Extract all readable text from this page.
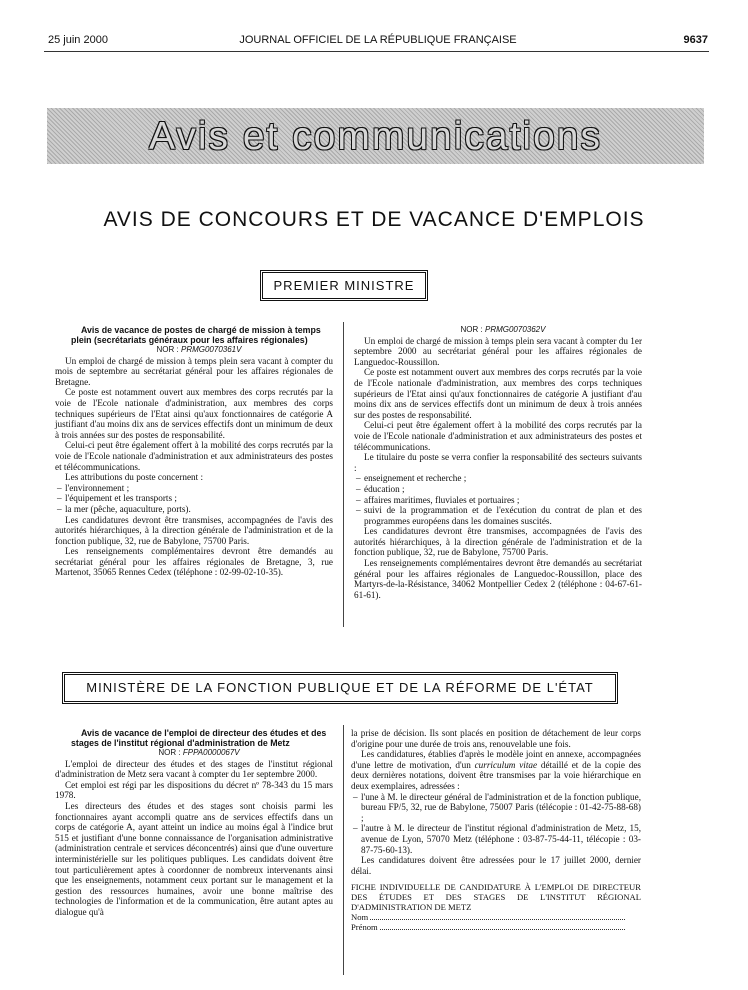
25 juin 2000	JOURNAL OFFICIEL DE LA RÉPUBLIQUE FRANÇAISE	9637
Avis et communications
AVIS DE CONCOURS ET DE VACANCE D'EMPLOIS
PREMIER MINISTRE

Avis de vacance de postes de chargé de mission à temps plein (secrétariats généraux pour les affaires régionales)

NOR : PRMG0070361V

Un emploi de chargé de mission à temps plein sera vacant à compter du mois de septembre au secrétariat général pour les affaires régionales de Bretagne.

Ce poste est notamment ouvert aux membres des corps recrutés par la voie de l'Ecole nationale d'administration, aux membres des corps techniques supérieurs de l'Etat ainsi qu'aux fonctionnaires de catégorie A justifiant d'au moins dix ans de services effectifs dont un minimum de deux à trois années sur des postes de responsabilité.

Celui-ci peut être également offert à la mobilité des corps recrutés par la voie de l'Ecole nationale d'administration et aux administrateurs des postes et télécommunications.

Les attributions du poste concernent :

– l'environnement ;

– l'équipement et les transports ;

– la mer (pêche, aquaculture, ports).

Les candidatures devront être transmises, accompagnées de l'avis des autorités hiérarchiques, à la direction générale de l'administration et de la fonction publique, 32, rue de Babylone, 75700 Paris.

Les renseignements complémentaires devront être demandés au secrétariat général pour les affaires régionales de Bretagne, 3, rue Martenot, 35065 Rennes Cedex (téléphone : 02-99-02-10-35).

NOR : PRMG0070362V

Un emploi de chargé de mission à temps plein sera vacant à compter du 1er septembre 2000 au secrétariat général pour les affaires régionales de Languedoc-Roussillon.

Ce poste est notamment ouvert aux membres des corps recrutés par la voie de l'Ecole nationale d'administration, aux membres des corps techniques supérieurs de l'Etat ainsi qu'aux fonctionnaires de catégorie A justifiant d'au moins dix ans de services effectifs dont un minimum de deux à trois années sur des postes de responsabilité.

Celui-ci peut être également offert à la mobilité des corps recrutés par la voie de l'Ecole nationale d'administration et aux administrateurs des postes et télécommunications.

Le titulaire du poste se verra confier la responsabilité des secteurs suivants :

– enseignement et recherche ;

– éducation ;

– affaires maritimes, fluviales et portuaires ;

– suivi de la programmation et de l'exécution du contrat de plan et des programmes européens dans les domaines suscités.

Les candidatures devront être transmises, accompagnées de l'avis des autorités hiérarchiques, à la direction générale de l'administration et de la fonction publique, 32, rue de Babylone, 75700 Paris.

Les renseignements complémentaires devront être demandés au secrétariat général pour les affaires régionales de Languedoc-Roussillon, place des Martyrs-de-la-Résistance, 34062 Montpellier Cedex 2 (téléphone : 04-67-61-61-61).

MINISTÈRE DE LA FONCTION PUBLIQUE ET DE LA RÉFORME DE L'ÉTAT

Avis de vacance de l'emploi de directeur des études et des stages de l'institut régional d'administration de Metz

NOR : FPPA0000067V

L'emploi de directeur des études et des stages de l'institut régional d'administration de Metz sera vacant à compter du 1er septembre 2000.

Cet emploi est régi par les dispositions du décret nº 78-343 du 15 mars 1978.

Les directeurs des études et des stages sont choisis parmi les fonctionnaires ayant accompli quatre ans de services effectifs dans un corps de catégorie A, ayant atteint un indice au moins égal à l'indice brut 515 et justifiant d'une bonne connaissance de l'organisation administrative (administration centrale et services déconcentrés) ainsi que d'une ouverture interministérielle sur les politiques publiques. Les candidats doivent être tout particulièrement aptes à coordonner de nombreux intervenants ainsi que les enseignements, notamment ceux portant sur le management et la gestion des ressources humaines, avoir une bonne maîtrise des technologies de l'information et de la communication, être autant aptes au dialogue qu'à

la prise de décision. Ils sont placés en position de détachement de leur corps d'origine pour une durée de trois ans, renouvelable une fois.

Les candidatures, établies d'après le modèle joint en annexe, accompagnées d'une lettre de motivation, d'un curriculum vitae détaillé et de la copie des deux dernières notations, doivent être transmises par la voie hiérarchique en deux exemplaires, adressées :

– l'une à M. le directeur général de l'administration et de la fonction publique, bureau FP/5, 32, rue de Babylone, 75007 Paris (télécopie : 01-42-75-88-68) ;

– l'autre à M. le directeur de l'institut régional d'administration de Metz, 15, avenue de Lyon, 57070 Metz (téléphone : 03-87-75-44-11, télécopie : 03-87-75-60-13).

Les candidatures doivent être adressées pour le 17 juillet 2000, dernier délai.

FICHE INDIVIDUELLE DE CANDIDATURE À L'EMPLOI DE DIRECTEUR DES ÉTUDES ET DES STAGES DE L'INSTITUT RÉGIONAL D'ADMINISTRATION DE METZ

Nom

Prénom
